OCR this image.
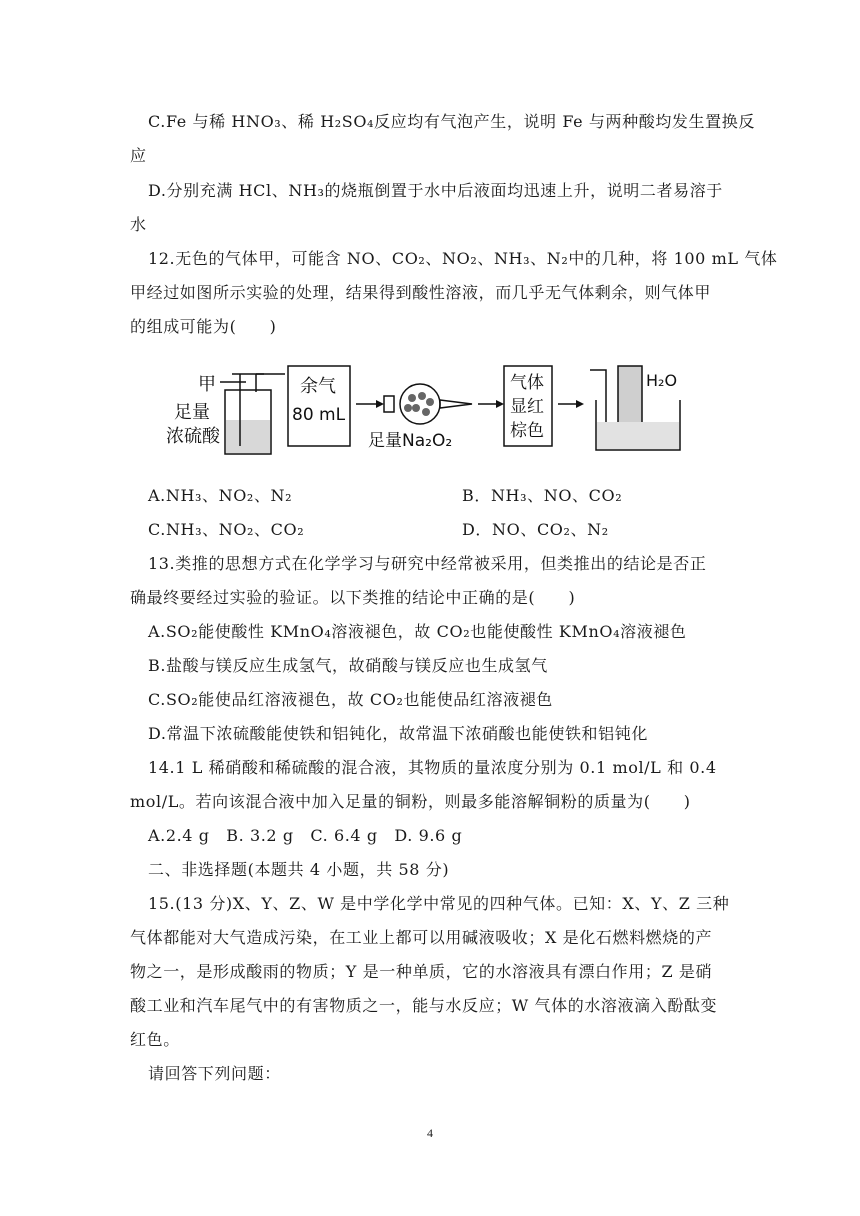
C.Fe 与稀 HNO₃、稀 H₂SO₄反应均有气泡产生，说明 Fe 与两种酸均发生置换反
应
D.分别充满 HCl、NH₃的烧瓶倒置于水中后液面均迅速上升，说明二者易溶于
水
12.无色的气体甲，可能含 NO、CO₂、NO₂、NH₃、N₂中的几种，将 100 mL 气体
甲经过如图所示实验的处理，结果得到酸性溶液，而几乎无气体剩余，则气体甲
的组成可能为(　　)
甲
足量
浓硫酸
余气
80 mL
足量Na₂O₂
气体
显红
棕色
H₂O
A.NH₃、NO₂、N₂	B．NH₃、NO、CO₂
C.NH₃、NO₂、CO₂	D．NO、CO₂、N₂
13.类推的思想方式在化学学习与研究中经常被采用，但类推出的结论是否正
确最终要经过实验的验证。以下类推的结论中正确的是(　　)
A.SO₂能使酸性 KMnO₄溶液褪色，故 CO₂也能使酸性 KMnO₄溶液褪色
B.盐酸与镁反应生成氢气，故硝酸与镁反应也生成氢气
C.SO₂能使品红溶液褪色，故 CO₂也能使品红溶液褪色
D.常温下浓硫酸能使铁和铝钝化，故常温下浓硝酸也能使铁和铝钝化
14.1 L 稀硝酸和稀硫酸的混合液，其物质的量浓度分别为 0.1 mol/L 和 0.4
mol/L。若向该混合液中加入足量的铜粉，则最多能溶解铜粉的质量为(　　)
A.2.4 g　B. 3.2 g　C. 6.4 g　D. 9.6 g
二、非选择题(本题共 4 小题，共 58 分)
15.(13 分)X、Y、Z、W 是中学化学中常见的四种气体。已知：X、Y、Z 三种
气体都能对大气造成污染，在工业上都可以用碱液吸收；X 是化石燃料燃烧的产
物之一，是形成酸雨的物质；Y 是一种单质，它的水溶液具有漂白作用；Z 是硝
酸工业和汽车尾气中的有害物质之一，能与水反应；W 气体的水溶液滴入酚酞变
红色。
请回答下列问题：
4
